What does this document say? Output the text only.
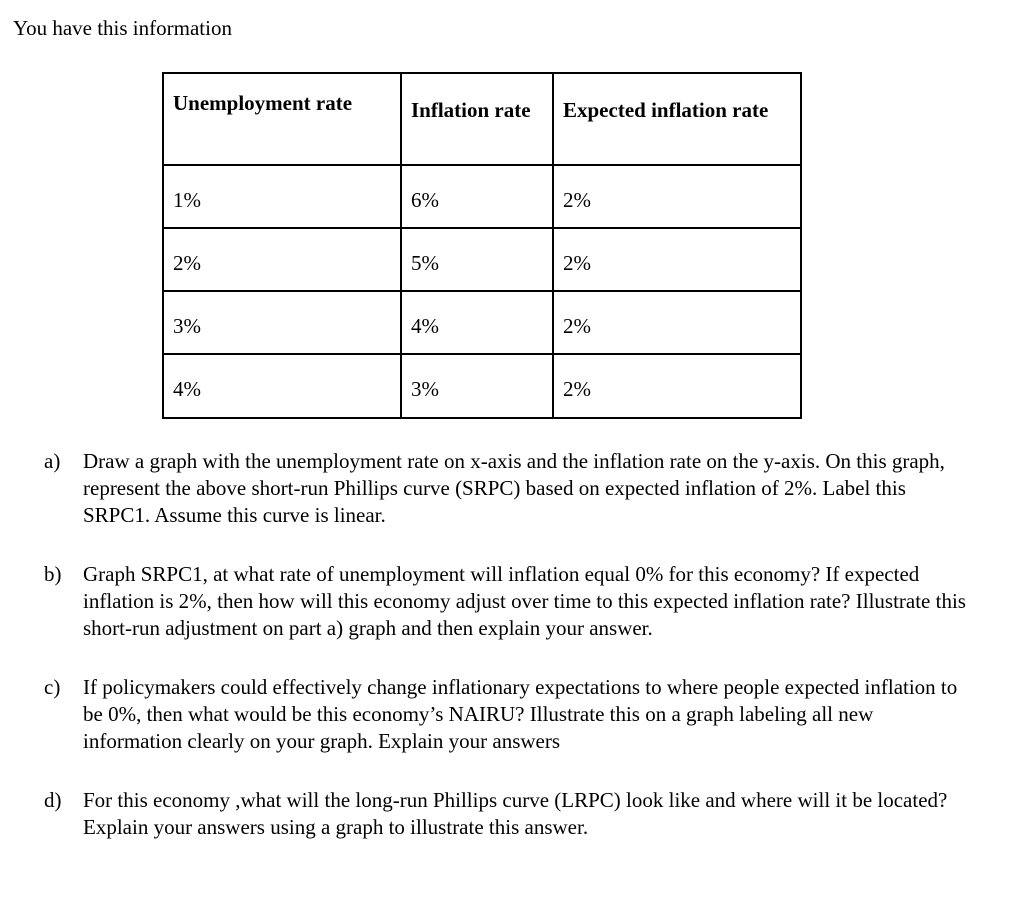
You have this information

Unemployment rate	Inflation rate	Expected inflation rate
1%	6%	2%
2%	5%	2%
3%	4%	2%
4%	3%	2%
a) Draw a graph with the unemployment rate on x-axis and the inflation rate on the y-axis. On this graph, represent the above short-run Phillips curve (SRPC) based on expected inflation of 2%. Label this SRPC1. Assume this curve is linear.
b) Graph SRPC1, at what rate of unemployment will inflation equal 0% for this economy? If expected inflation is 2%, then how will this economy adjust over time to this expected inflation rate? Illustrate this short-run adjustment on part a) graph and then explain your answer.
c) If policymakers could effectively change inflationary expectations to where people expected inflation to be 0%, then what would be this economy’s NAIRU? Illustrate this on a graph labeling all new information clearly on your graph. Explain your answers
d) For this economy ,what will the long-run Phillips curve (LRPC) look like and where will it be located? Explain your answers using a graph to illustrate this answer.
